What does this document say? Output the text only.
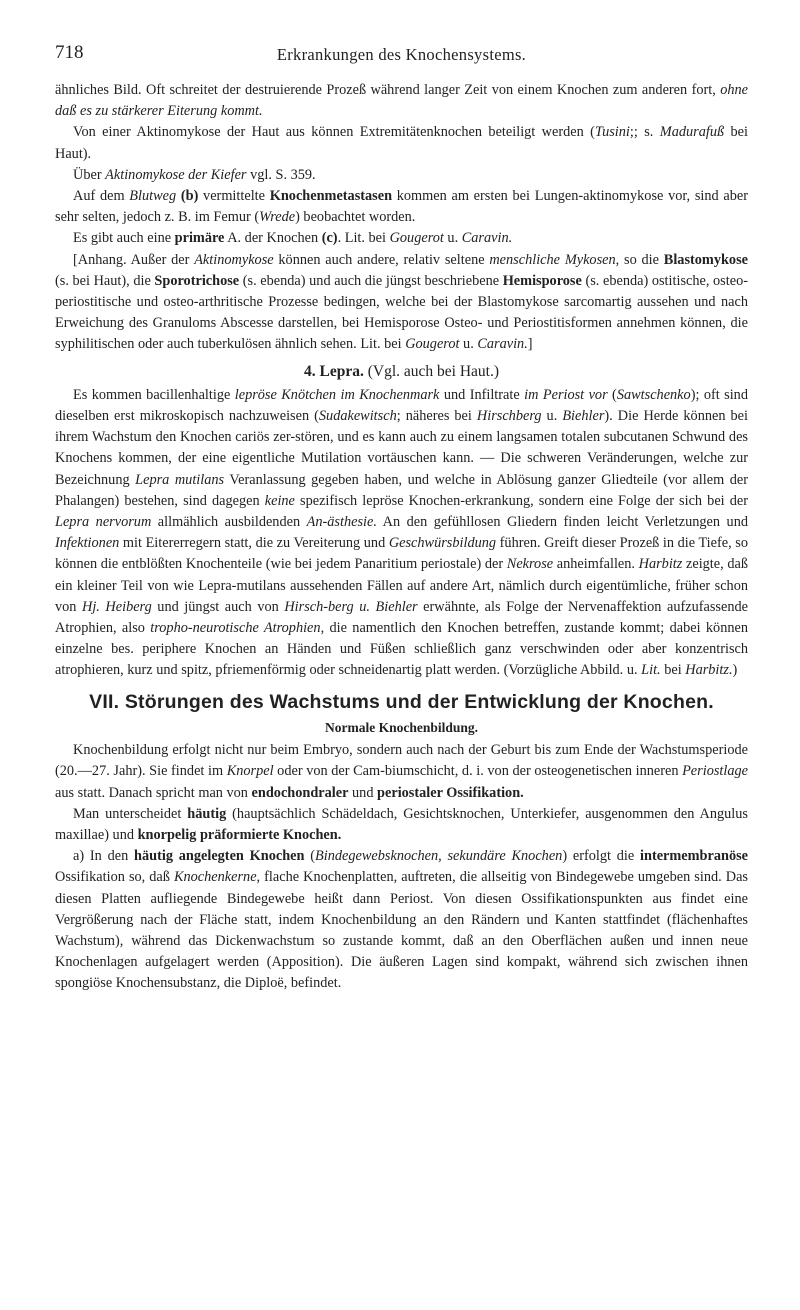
718	Erkrankungen des Knochensystems.

ähnliches Bild. Oft schreitet der destruierende Prozeß während langer Zeit von einem Knochen zum anderen fort, ohne daß es zu stärkerer Eiterung kommt.

Von einer Aktinomykose der Haut aus können Extremitätenknochen beteiligt werden (Tusini;; s. Madurafuß bei Haut).

Über Aktinomykose der Kiefer vgl. S. 359.

Auf dem Blutweg (b) vermittelte Knochenmetastasen kommen am ersten bei Lungen-aktinomykose vor, sind aber sehr selten, jedoch z. B. im Femur (Wrede) beobachtet worden.

Es gibt auch eine primäre A. der Knochen (c). Lit. bei Gougerot u. Caravin.

[Anhang. Außer der Aktinomykose können auch andere, relativ seltene menschliche Mykosen, so die Blastomykose (s. bei Haut), die Sporotrichose (s. ebenda) und auch die jüngst beschriebene Hemisporose (s. ebenda) ostitische, osteo-periostitische und osteo-arthritische Prozesse bedingen, welche bei der Blastomykose sarcomartig aussehen und nach Erweichung des Granuloms Abscesse darstellen, bei Hemisporose Osteo- und Periostitisformen annehmen können, die syphilitischen oder auch tuberkulösen ähnlich sehen. Lit. bei Gougerot u. Caravin.]

4. Lepra. (Vgl. auch bei Haut.)

Es kommen bacillenhaltige lepröse Knötchen im Knochenmark und Infiltrate im Periost vor (Sawtschenko); oft sind dieselben erst mikroskopisch nachzuweisen (Sudakewitsch; näheres bei Hirschberg u. Biehler). Die Herde können bei ihrem Wachstum den Knochen cariös zer-stören, und es kann auch zu einem langsamen totalen subcutanen Schwund des Knochens kommen, der eine eigentliche Mutilation vortäuschen kann. — Die schweren Veränderungen, welche zur Bezeichnung Lepra mutilans Veranlassung gegeben haben, und welche in Ablösung ganzer Gliedteile (vor allem der Phalangen) bestehen, sind dagegen keine spezifisch lepröse Knochen-erkrankung, sondern eine Folge der sich bei der Lepra nervorum allmählich ausbildenden An-ästhesie. An den gefühllosen Gliedern finden leicht Verletzungen und Infektionen mit Eitererregern statt, die zu Vereiterung und Geschwürsbildung führen. Greift dieser Prozeß in die Tiefe, so können die entblößten Knochenteile (wie bei jedem Panaritium periostale) der Nekrose anheimfallen. Harbitz zeigte, daß ein kleiner Teil von wie Lepra-mutilans aussehenden Fällen auf andere Art, nämlich durch eigentümliche, früher schon von Hj. Heiberg und jüngst auch von Hirsch-berg u. Biehler erwähnte, als Folge der Nervenaffektion aufzufassende Atrophien, also tropho-neurotische Atrophien, die namentlich den Knochen betreffen, zustande kommt; dabei können einzelne bes. periphere Knochen an Händen und Füßen schließlich ganz verschwinden oder aber konzentrisch atrophieren, kurz und spitz, pfriemenförmig oder schneidenartig platt werden. (Vorzügliche Abbild. u. Lit. bei Harbitz.)

VII. Störungen des Wachstums und der Entwicklung der Knochen.
Normale Knochenbildung.

Knochenbildung erfolgt nicht nur beim Embryo, sondern auch nach der Geburt bis zum Ende der Wachstumsperiode (20.—27. Jahr). Sie findet im Knorpel oder von der Cam-biumschicht, d. i. von der osteogenetischen inneren Periostlage aus statt. Danach spricht man von endochondraler und periostaler Ossifikation.

Man unterscheidet häutig (hauptsächlich Schädeldach, Gesichtsknochen, Unterkiefer, ausgenommen den Angulus maxillae) und knorpelig präformierte Knochen.

a) In den häutig angelegten Knochen (Bindegewebsknochen, sekundäre Knochen) erfolgt die intermembranöse Ossifikation so, daß Knochenkerne, flache Knochenplatten, auftreten, die allseitig von Bindegewebe umgeben sind. Das diesen Platten aufliegende Bindegewebe heißt dann Periost. Von diesen Ossifikationspunkten aus findet eine Vergrößerung nach der Fläche statt, indem Knochenbildung an den Rändern und Kanten stattfindet (flächenhaftes Wachstum), während das Dickenwachstum so zustande kommt, daß an den Oberflächen außen und innen neue Knochenlagen aufgelagert werden (Apposition). Die äußeren Lagen sind kompakt, während sich zwischen ihnen spongiöse Knochensubstanz, die Diploë, befindet.
